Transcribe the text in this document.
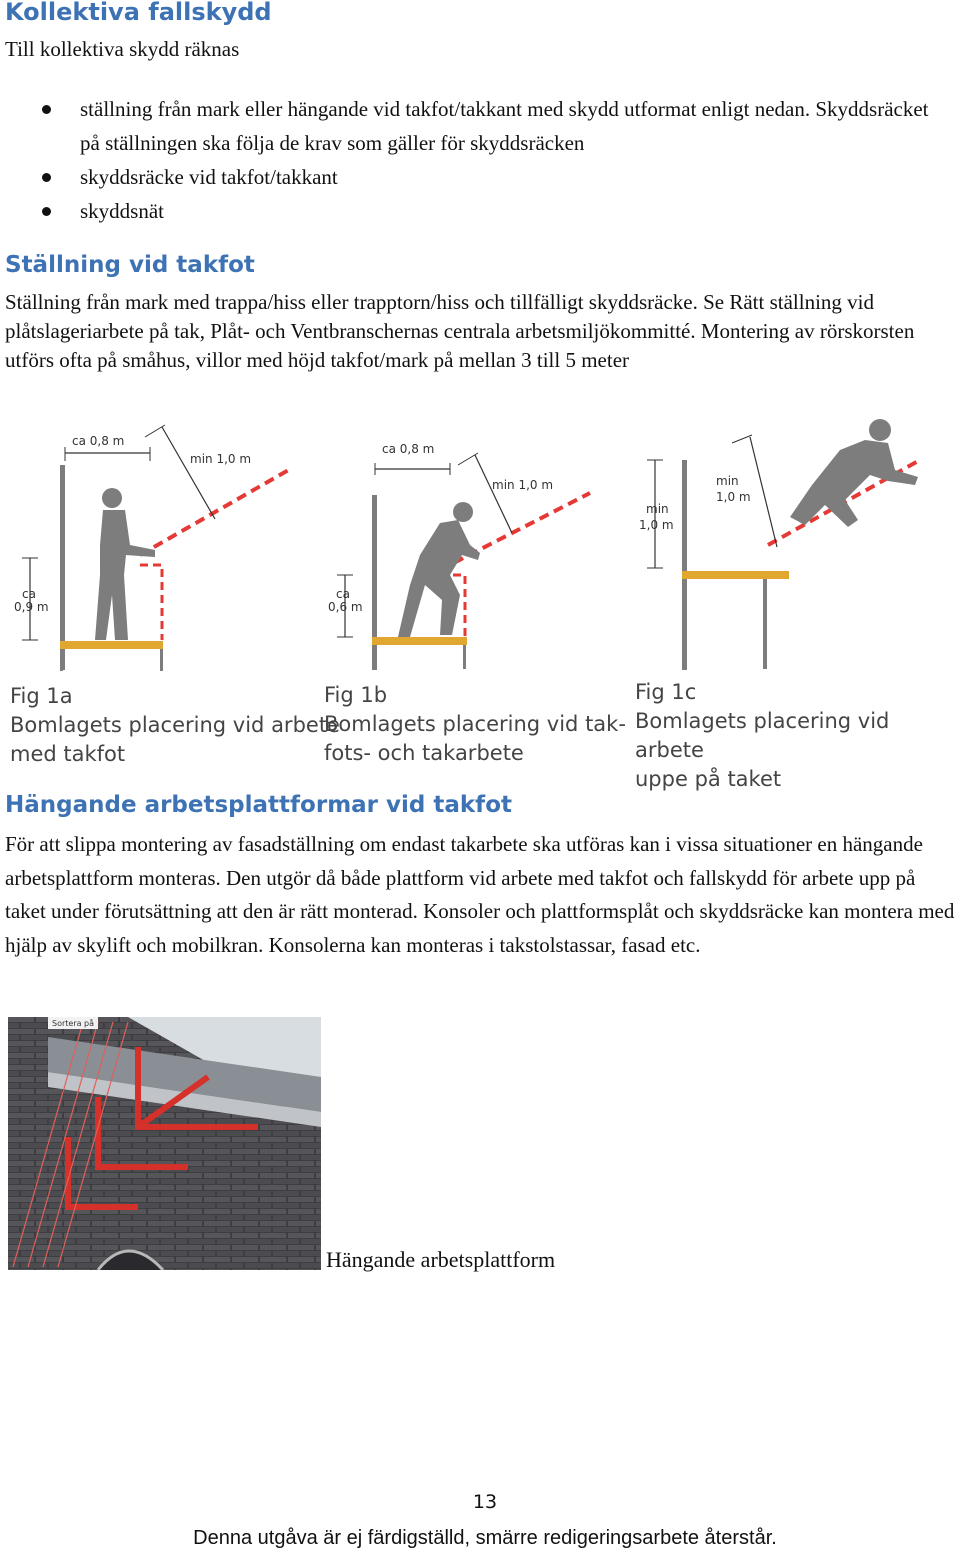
Kollektiva fallskydd
Till kollektiva skydd räknas
ställning från mark eller hängande vid takfot/takkant med skydd utformat enligt nedan. Skyddsräcket på ställningen ska följa de krav som gäller för skyddsräcken
skyddsräcke vid takfot/takkant
skyddsnät
Ställning vid takfot

Ställning från mark med trappa/hiss eller trapptorn/hiss och tillfälligt skyddsräcke. Se Rätt ställning vid plåtslageriarbete på tak, Plåt- och Ventbranschernas centrala arbetsmiljökommitté. Montering av rörskorsten utförs ofta på småhus, villor med höjd takfot/mark på mellan 3 till 5 meter

ca 0,8 m
min 1,0 m
ca
0,9 m
ca 0,8 m
min 1,0 m
ca
0,6 m
min
1,0 m
min
1,0 m
Fig 1a
Bomlagets placering vid arbete
med takfot
Fig 1b
Bomlagets placering vid tak-
fots- och takarbete
Fig 1c
Bomlagets placering vid arbete
uppe på taket
Hängande arbetsplattformar vid takfot

För att slippa montering av fasadställning om endast takarbete ska utföras kan i vissa situationer en hängande arbetsplattform monteras. Den utgör då både plattform vid arbete med takfot och fallskydd för arbete upp på taket under förutsättning att den är rätt monterad. Konsoler och plattformsplåt och skyddsräcke kan montera med hjälp av skylift och mobilkran. Konsolerna kan monteras i takstolstassar, fasad etc.

Sortera på
Hängande arbetsplattform
13
Denna utgåva är ej färdigställd, smärre redigeringsarbete återstår.
